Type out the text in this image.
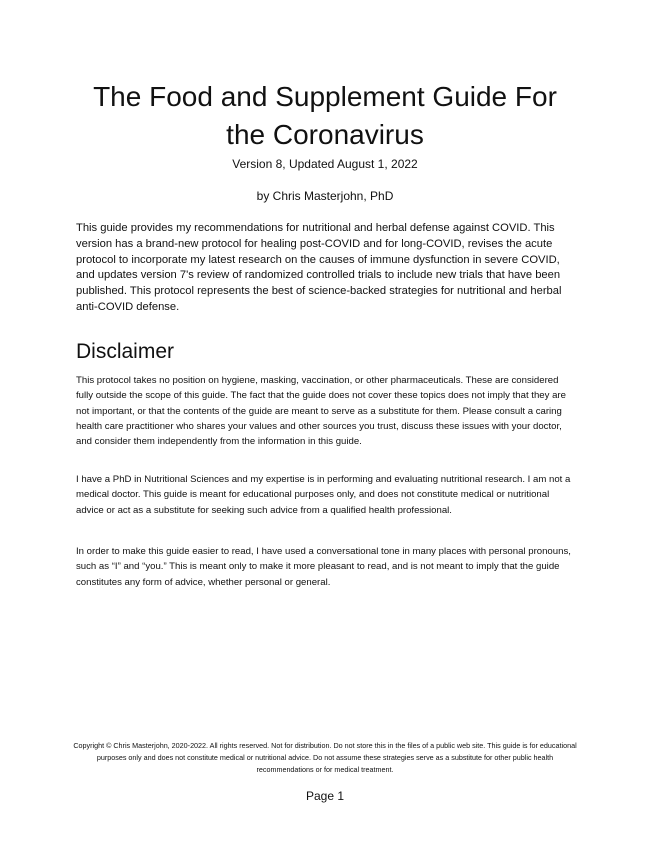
The Food and Supplement Guide For
the Coronavirus
Version 8, Updated August 1, 2022
by Chris Masterjohn, PhD

This guide provides my recommendations for nutritional and herbal defense against COVID. This version has a brand-new protocol for healing post-COVID and for long-COVID, revises the acute protocol to incorporate my latest research on the causes of immune dysfunction in severe COVID, and updates version 7's review of randomized controlled trials to include new trials that have been published. This protocol represents the best of science-backed strategies for nutritional and herbal anti-COVID defense.

Disclaimer

This protocol takes no position on hygiene, masking, vaccination, or other pharmaceuticals. These are considered fully outside the scope of this guide. The fact that the guide does not cover these topics does not imply that they are not important, or that the contents of the guide are meant to serve as a substitute for them. Please consult a caring health care practitioner who shares your values and other sources you trust, discuss these issues with your doctor, and consider them independently from the information in this guide.

I have a PhD in Nutritional Sciences and my expertise is in performing and evaluating nutritional research. I am not a medical doctor. This guide is meant for educational purposes only, and does not constitute medical or nutritional advice or act as a substitute for seeking such advice from a qualified health professional.

In order to make this guide easier to read, I have used a conversational tone in many places with personal pronouns, such as “I” and “you.” This is meant only to make it more pleasant to read, and is not meant to imply that the guide constitutes any form of advice, whether personal or general.

Copyright © Chris Masterjohn, 2020-2022. All rights reserved. Not for distribution. Do not store this in the files of a public web site. This guide is for educational purposes only and does not constitute medical or nutritional advice. Do not assume these strategies serve as a substitute for other public health recommendations or for medical treatment.

Page 1
